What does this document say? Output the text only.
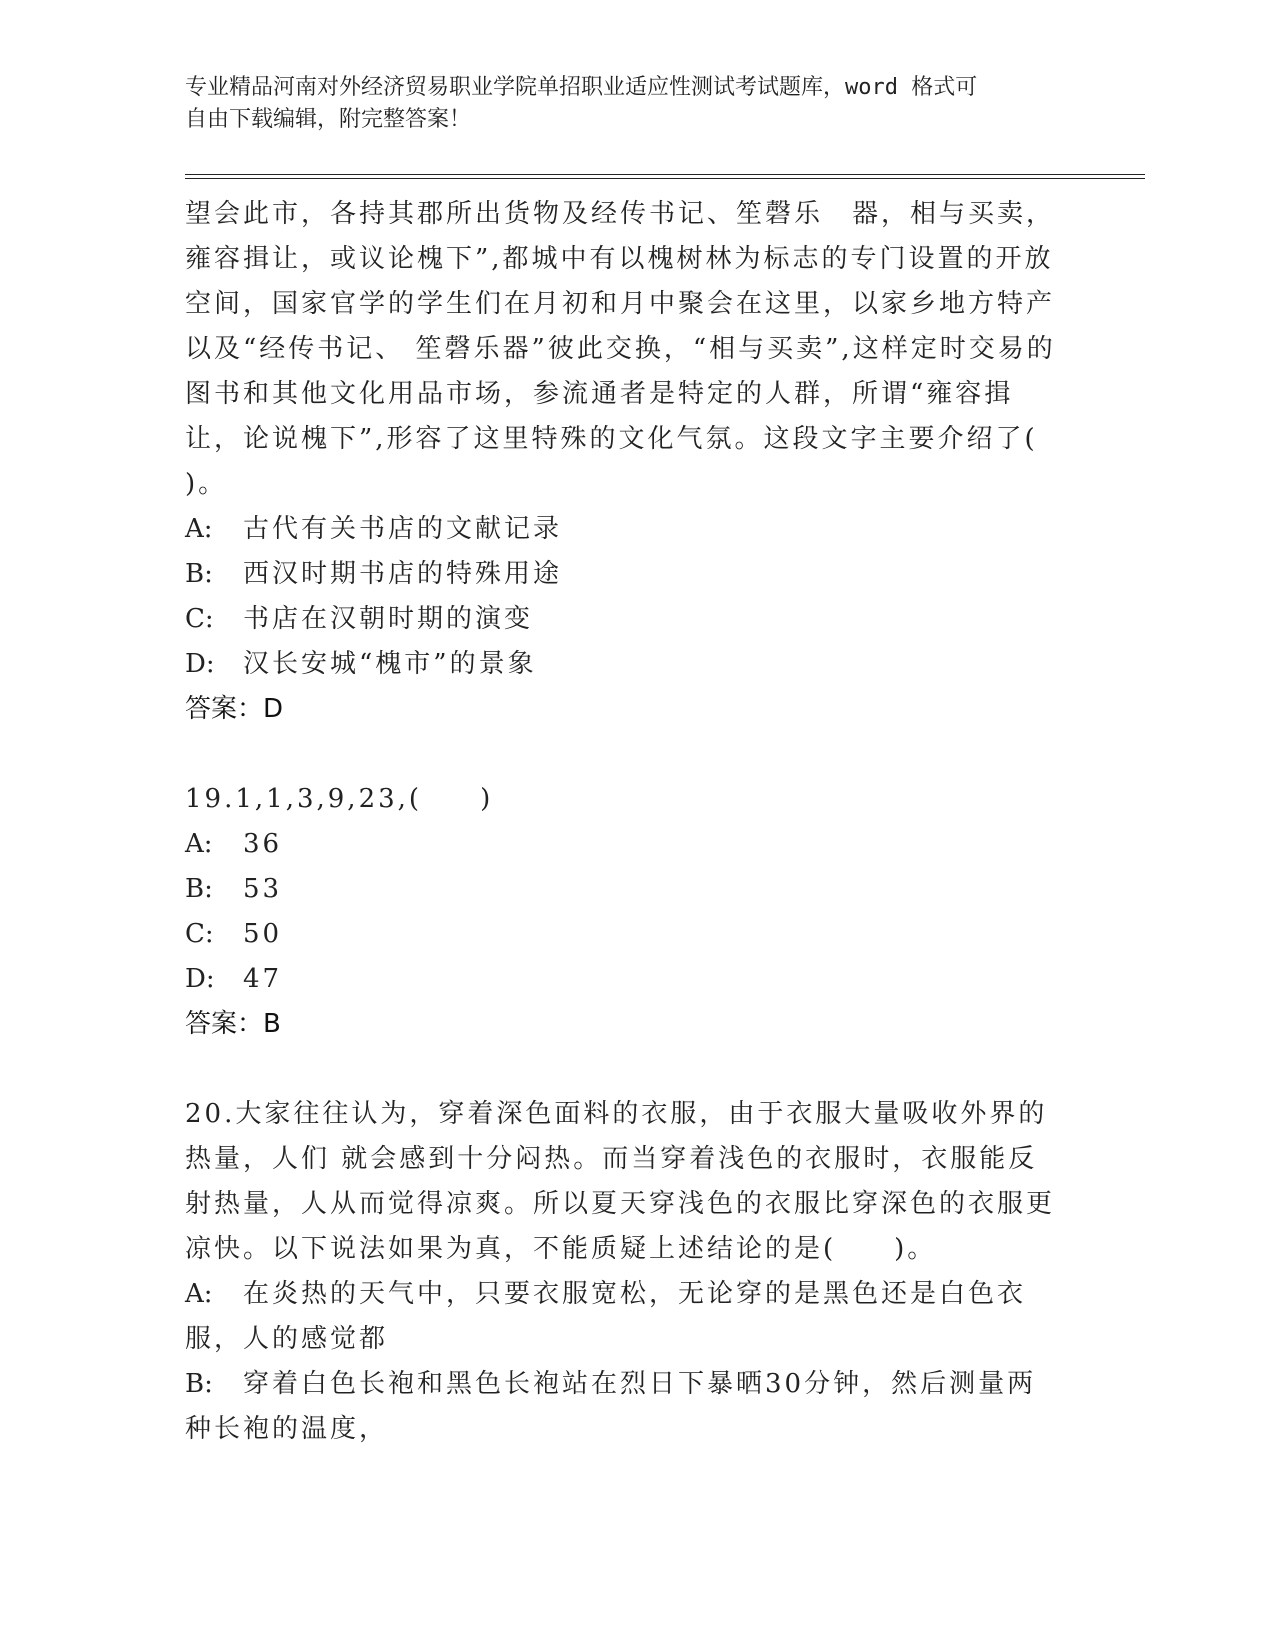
专业精品河南对外经济贸易职业学院单招职业适应性测试考试题库，word 格式可
自由下载编辑，附完整答案！

望会此市，各持其郡所出货物及经传书记、笙磬乐　器，相与买卖，雍容揖让，或议论槐下”,都城中有以槐树林为标志的专门设置的开放空间，国家官学的学生们在月初和月中聚会在这里，以家乡地方特产以及“经传书记、 笙磬乐器”彼此交换，“相与买卖”,这样定时交易的图书和其他文化用品市场，参流通者是特定的人群，所谓“雍容揖让，论说槐下”,形容了这里特殊的文化气氛。这段文字主要介绍了(　　)。

A: 古代有关书店的文献记录
B: 西汉时期书店的特殊用途
C: 书店在汉朝时期的演变
D: 汉长安城“槐市”的景象
答案：D

19.1,1,3,9,23,(　　)

A: 36
B: 53
C: 50
D: 47
答案：B

20.大家往往认为，穿着深色面料的衣服，由于衣服大量吸收外界的热量，人们 就会感到十分闷热。而当穿着浅色的衣服时，衣服能反射热量，人从而觉得凉爽。所以夏天穿浅色的衣服比穿深色的衣服更凉快。以下说法如果为真，不能质疑上述结论的是(　　)。

A: 在炎热的天气中，只要衣服宽松，无论穿的是黑色还是白色衣服，人的感觉都
B: 穿着白色长袍和黑色长袍站在烈日下暴晒30分钟，然后测量两种长袍的温度，
